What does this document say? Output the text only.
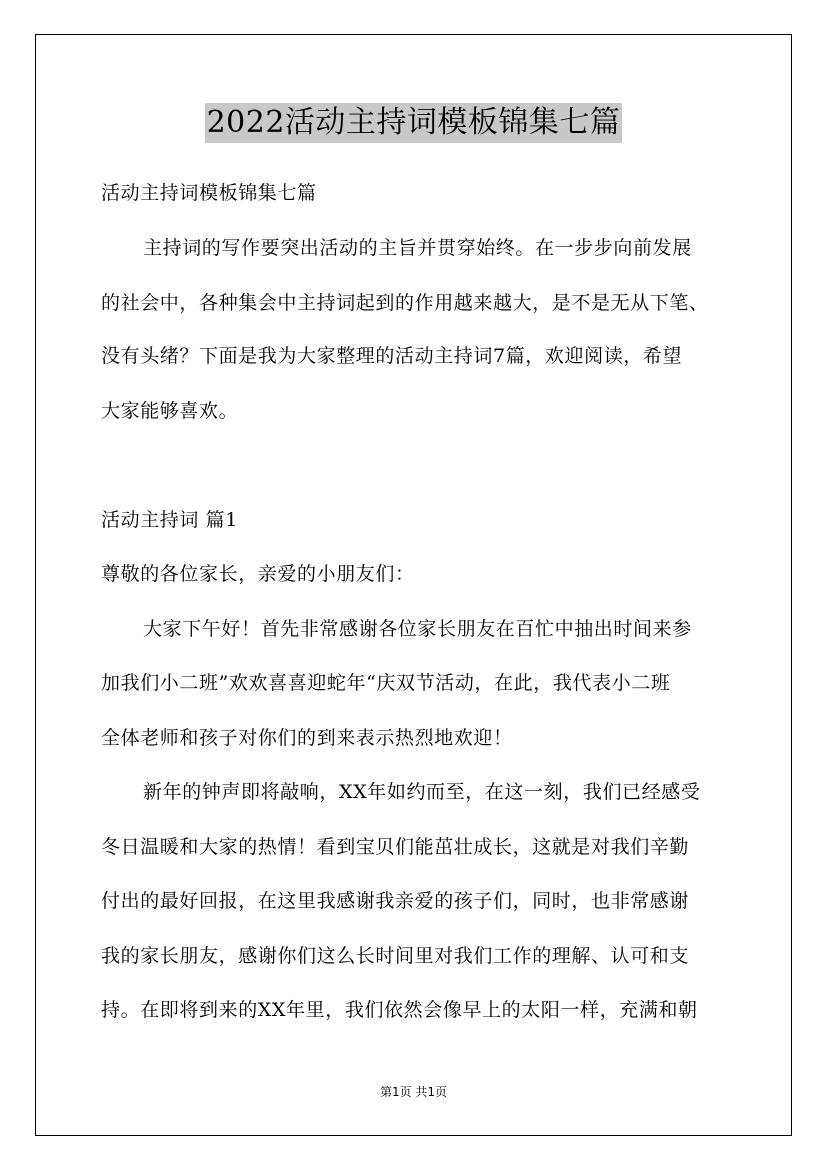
2022活动主持词模板锦集七篇
活动主持词模板锦集七篇
主持词的写作要突出活动的主旨并贯穿始终。在一步步向前发展
的社会中，各种集会中主持词起到的作用越来越大，是不是无从下笔、
没有头绪？下面是我为大家整理的活动主持词7篇，欢迎阅读，希望
大家能够喜欢。
活动主持词 篇1
尊敬的各位家长，亲爱的小朋友们：
大家下午好！首先非常感谢各位家长朋友在百忙中抽出时间来参
加我们小二班”欢欢喜喜迎蛇年“庆双节活动，在此，我代表小二班
全体老师和孩子对你们的到来表示热烈地欢迎！
新年的钟声即将敲响，XX年如约而至，在这一刻，我们已经感受
冬日温暖和大家的热情！看到宝贝们能茁壮成长，这就是对我们辛勤
付出的最好回报，在这里我感谢我亲爱的孩子们，同时，也非常感谢
我的家长朋友，感谢你们这么长时间里对我们工作的理解、认可和支
持。在即将到来的XX年里，我们依然会像早上的太阳一样，充满和朝
第1页 共1页
